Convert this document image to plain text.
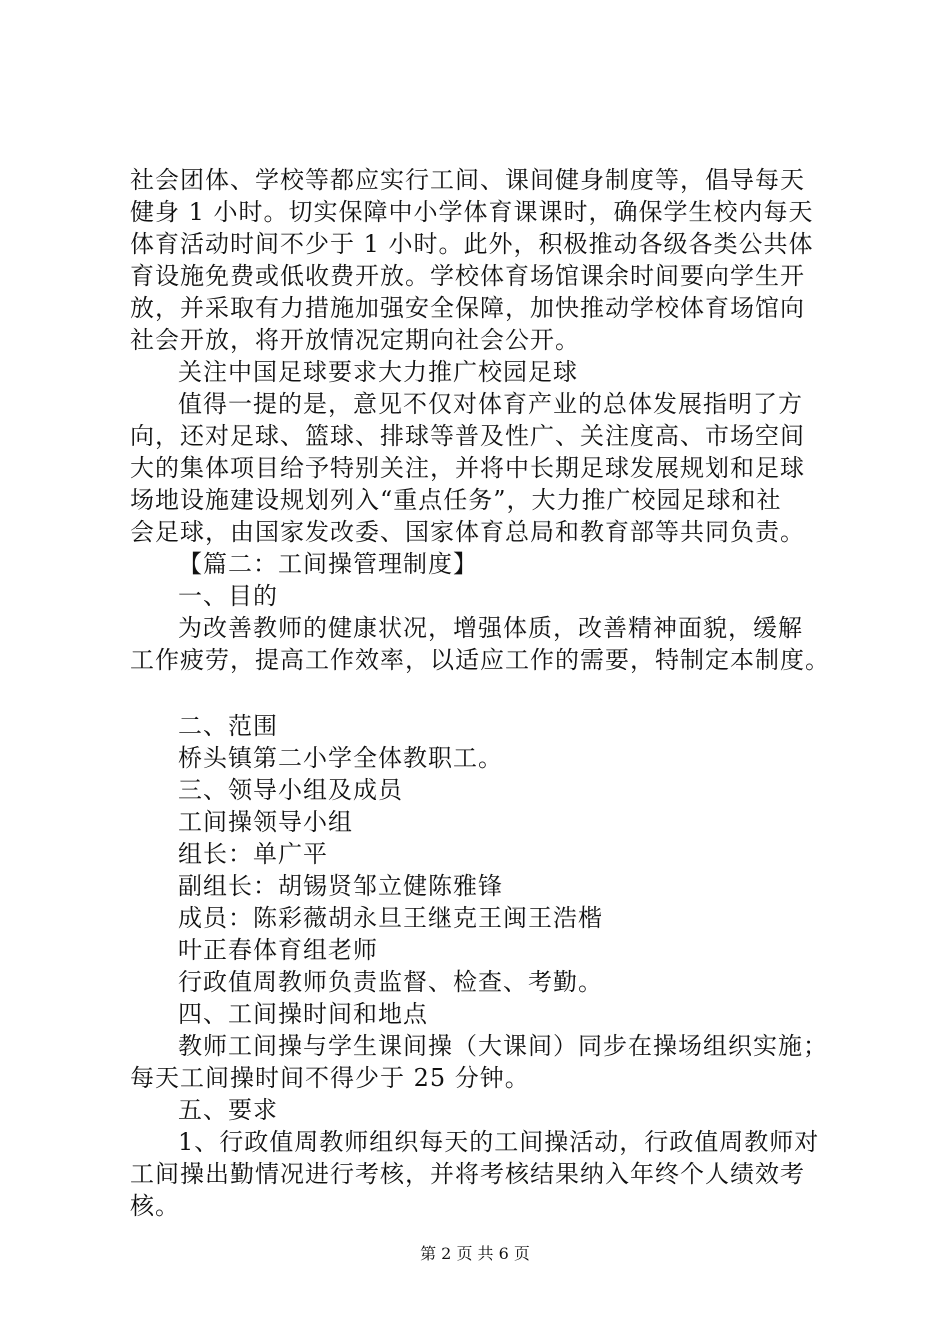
社会团体、学校等都应实行工间、课间健身制度等，倡导每天
健身 1 小时。切实保障中小学体育课课时，确保学生校内每天
体育活动时间不少于 1 小时。此外，积极推动各级各类公共体
育设施免费或低收费开放。学校体育场馆课余时间要向学生开
放，并采取有力措施加强安全保障，加快推动学校体育场馆向
社会开放，将开放情况定期向社会公开。
关注中国足球要求大力推广校园足球
值得一提的是，意见不仅对体育产业的总体发展指明了方
向，还对足球、篮球、排球等普及性广、关注度高、市场空间
大的集体项目给予特别关注，并将中长期足球发展规划和足球
场地设施建设规划列入“重点任务”，大力推广校园足球和社
会足球，由国家发改委、国家体育总局和教育部等共同负责。
【篇二：工间操管理制度】
一、目的
为改善教师的健康状况，增强体质，改善精神面貌，缓解
工作疲劳，提高工作效率，以适应工作的需要，特制定本制度。
二、范围
桥头镇第二小学全体教职工。
三、领导小组及成员
工间操领导小组
组长：单广平
副组长：胡锡贤邹立健陈雅锋
成员：陈彩薇胡永旦王继克王闽王浩楷
叶正春体育组老师
行政值周教师负责监督、检查、考勤。
四、工间操时间和地点
教师工间操与学生课间操（大课间）同步在操场组织实施；
每天工间操时间不得少于 25 分钟。
五、要求
1、行政值周教师组织每天的工间操活动，行政值周教师对
工间操出勤情况进行考核，并将考核结果纳入年终个人绩效考
核。
第 2 页 共 6 页
